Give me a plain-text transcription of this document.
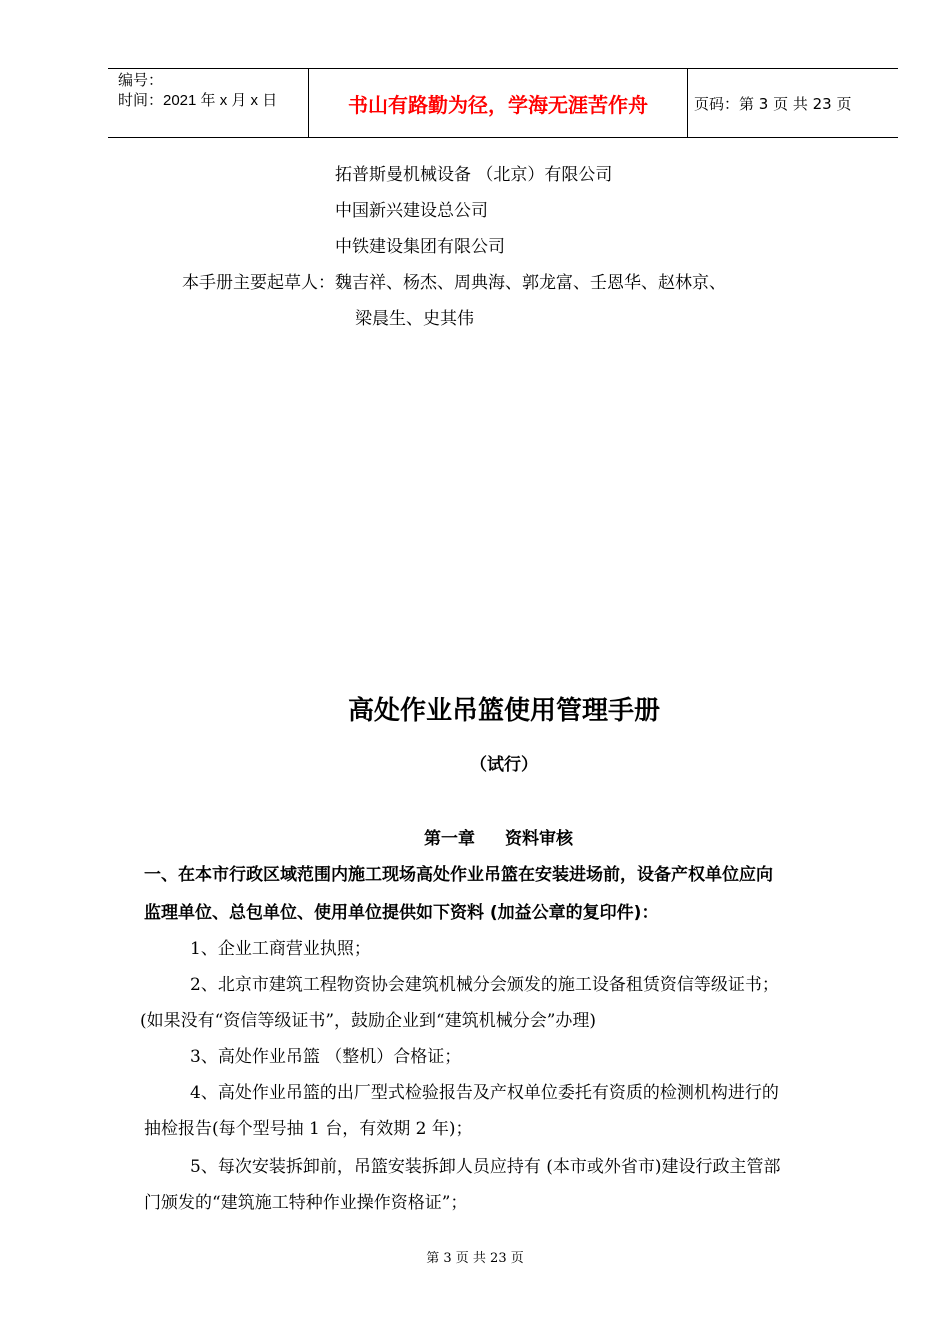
编号：
时间：2021 年 x 月 x 日	书山有路勤为径，学海无涯苦作舟	页码：第 3 页 共 23 页
拓普斯曼机械设备 （北京）有限公司
中国新兴建设总公司
中铁建设集团有限公司
本手册主要起草人：魏吉祥、杨杰、周典海、郭龙富、壬恩华、赵林京、
梁晨生、史其伟
高处作业吊篮使用管理手册
（试行）
第一章 资料审核
一、在本市行政区域范围内施工现场高处作业吊篮在安装进场前，设备产权单位应向
监理单位、总包单位、使用单位提供如下资料 (加益公章的复印件)：
1、企业工商营业执照；
2、北京市建筑工程物资协会建筑机械分会颁发的施工设备租赁资信等级证书；
(如果没有“资信等级证书”，鼓励企业到“建筑机械分会”办理)
3、高处作业吊篮 （整机）合格证；
4、高处作业吊篮的出厂型式检验报告及产权单位委托有资质的检测机构进行的
抽检报告(每个型号抽 1 台，有效期 2 年)；
5、每次安装拆卸前，吊篮安装拆卸人员应持有 (本市或外省市)建设行政主管部
门颁发的“建筑施工特种作业操作资格证”；
第 3 页 共 23 页
